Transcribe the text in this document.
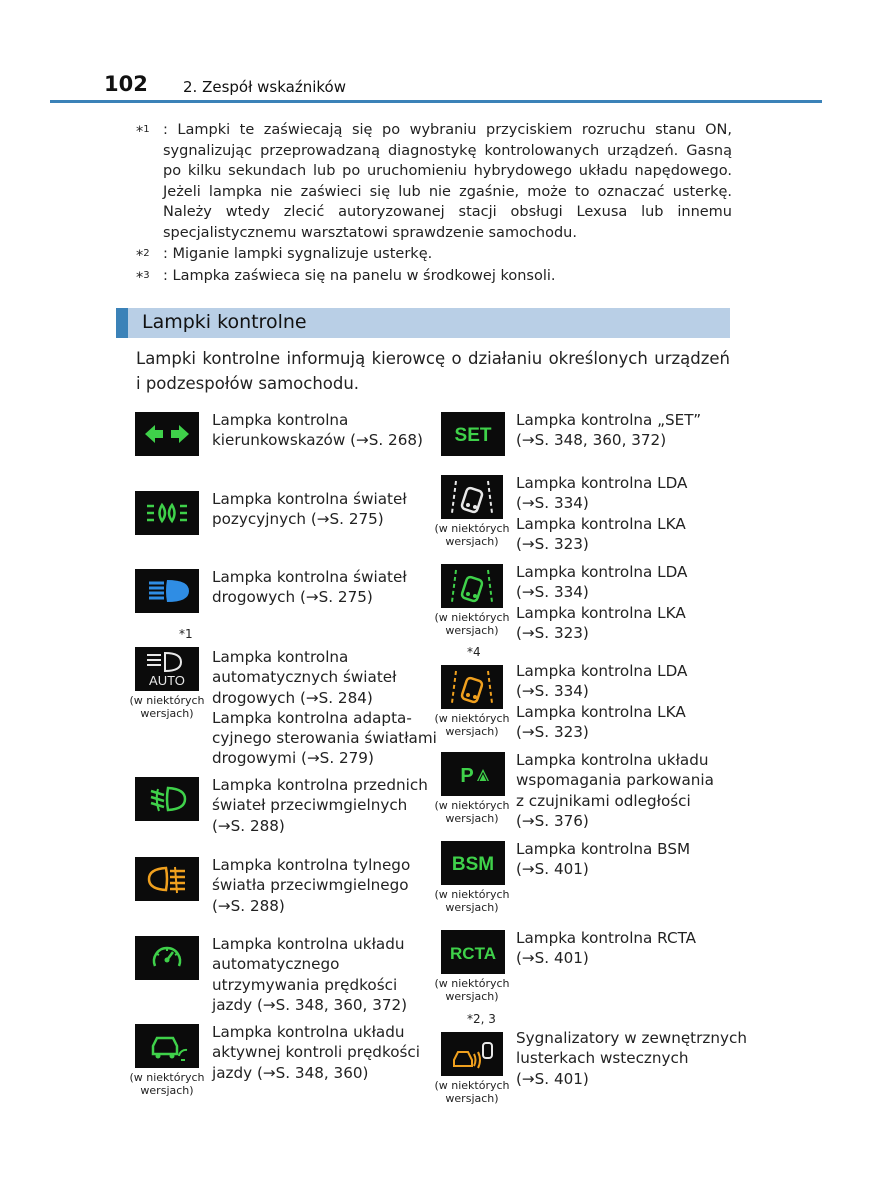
102 2. Zespół wskaźników
*$^1$ : Lampki te zaświecają się po wybraniu przyciskiem rozruchu stanu ON, sygnalizując przeprowadzaną diagnostykę kontrolowanych urządzeń. Gasną po kilku sekundach lub po uruchomieniu hybrydowego układu napędowego. Jeżeli lampka nie zaświeci się lub nie zgaśnie, może to oznaczać usterkę. Należy wtedy zlecić autoryzowanej stacji obsługi Lexusa lub innemu specjalistycznemu warsztatowi sprawdzenie samochodu.
*$^2$ : Miganie lampki sygnalizuje usterkę.
*$^3$ : Lampka zaświeca się na panelu w środkowej konsoli.
Lampki kontrolne
Lampki kontrolne informują kierowcę o działaniu określonych urządzeń i podzespołów samochodu.
Lampka kontrolna
kierunkowskazów (→S. 268)
Lampka kontrolna świateł
pozycyjnych (→S. 275)
Lampka kontrolna świateł
drogowych (→S. 275)
*1
AUTO
(w niektórych
wersjach)
Lampka kontrolna
automatycznych świateł
drogowych (→S. 284)
Lampka kontrolna adapta-
cyjnego sterowania światłami
drogowymi (→S. 279)
Lampka kontrolna przednich
świateł przeciwmgielnych
(→S. 288)
Lampka kontrolna tylnego
światła przeciwmgielnego
(→S. 288)
Lampka kontrolna układu
automatycznego
utrzymywania prędkości
jazdy (→S. 348, 360, 372)
(w niektórych
wersjach)
Lampka kontrolna układu
aktywnej kontroli prędkości
jazdy (→S. 348, 360)
SET
Lampka kontrolna „SET”
(→S. 348, 360, 372)
(w niektórych
wersjach)
Lampka kontrolna LDA
(→S. 334)
Lampka kontrolna LKA
(→S. 323)
(w niektórych
wersjach)
Lampka kontrolna LDA
(→S. 334)
Lampka kontrolna LKA
(→S. 323)
*4
(w niektórych
wersjach)
Lampka kontrolna LDA
(→S. 334)
Lampka kontrolna LKA
(→S. 323)
P
(w niektórych
wersjach)
Lampka kontrolna układu
wspomagania parkowania
z czujnikami odległości
(→S. 376)
BSM
(w niektórych
wersjach)
Lampka kontrolna BSM
(→S. 401)
RCTA
(w niektórych
wersjach)
Lampka kontrolna RCTA
(→S. 401)
*2, 3
(w niektórych
wersjach)
Sygnalizatory w zewnętrznych
lusterkach wstecznych
(→S. 401)
